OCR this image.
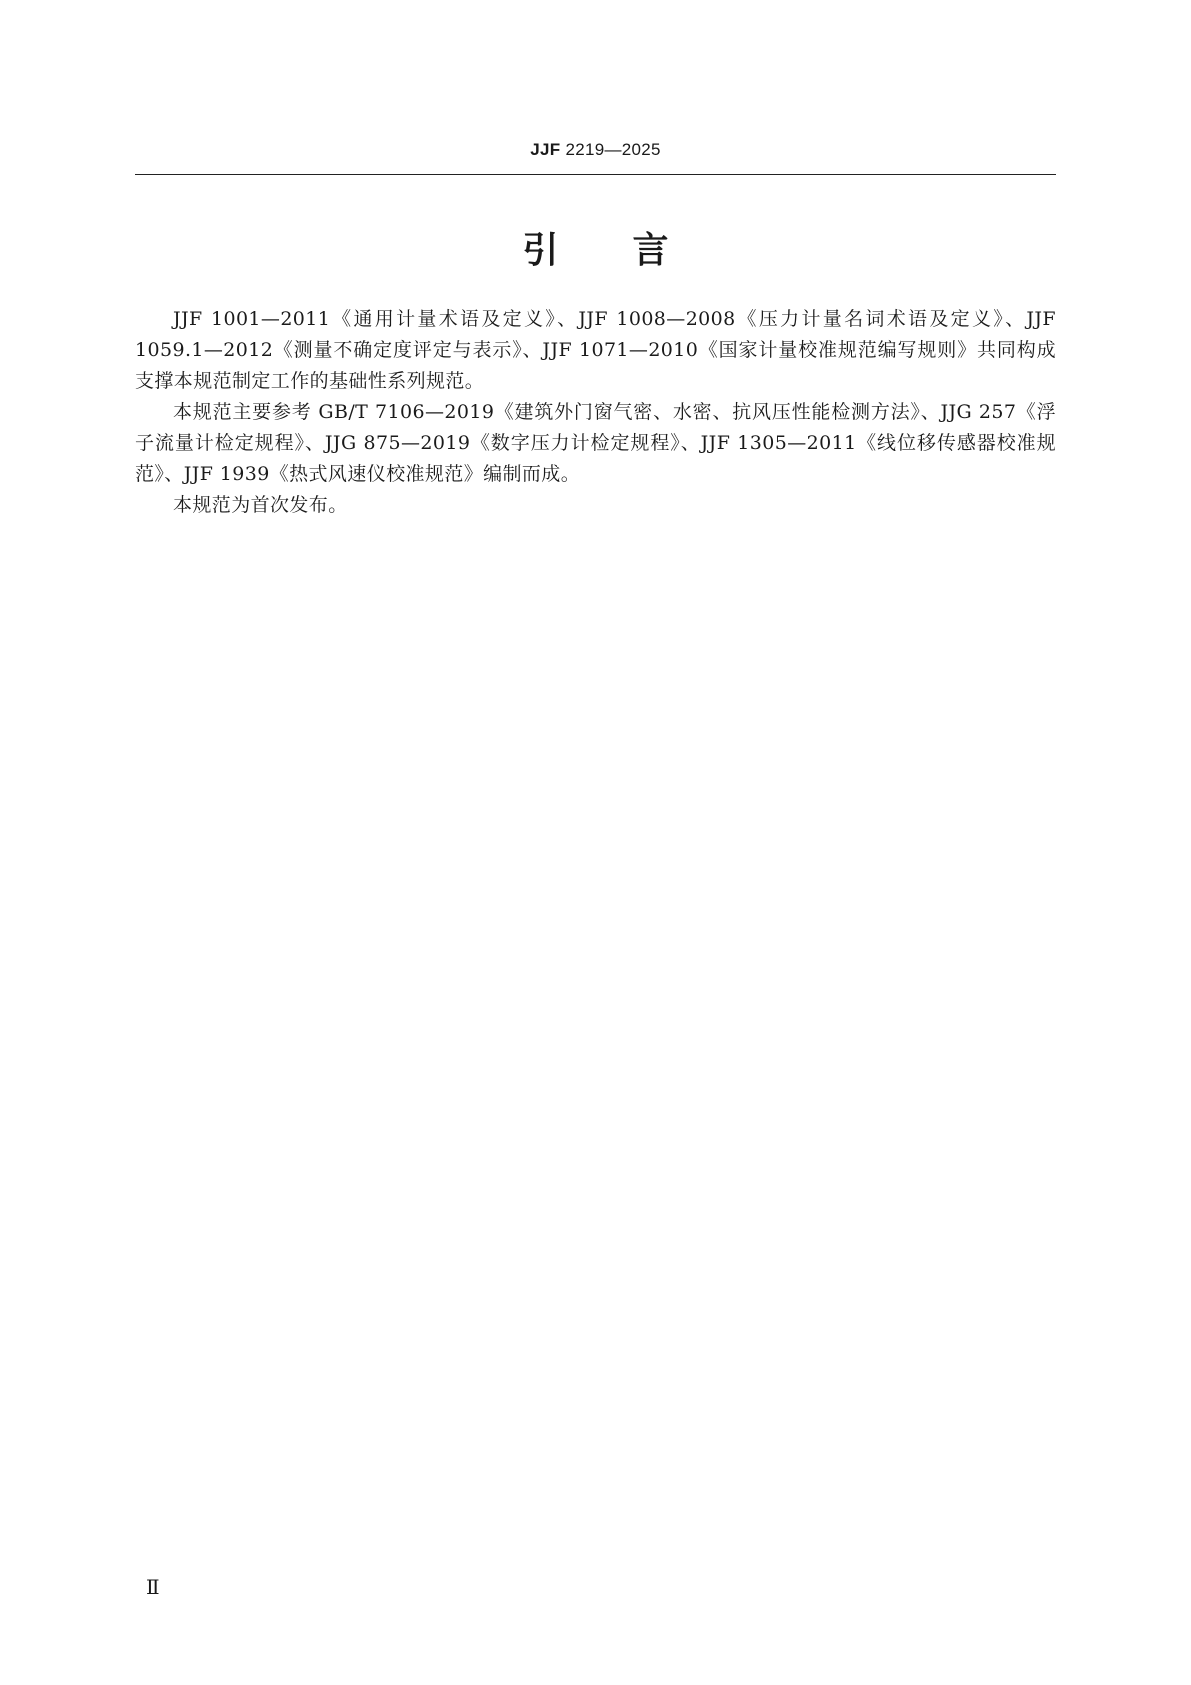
JJF 2219—2025
引言

JJF 1001—2011《通用计量术语及定义》、JJF 1008—2008《压力计量名词术语及定义》、JJF 1059.1—2012《测量不确定度评定与表示》、JJF 1071—2010《国家计量校准规范编写规则》共同构成支撑本规范制定工作的基础性系列规范。

本规范主要参考 GB/T 7106—2019《建筑外门窗气密、水密、抗风压性能检测方法》、JJG 257《浮子流量计检定规程》、JJG 875—2019《数字压力计检定规程》、JJF 1305—2011《线位移传感器校准规范》、JJF 1939《热式风速仪校准规范》编制而成。

本规范为首次发布。

Ⅱ
